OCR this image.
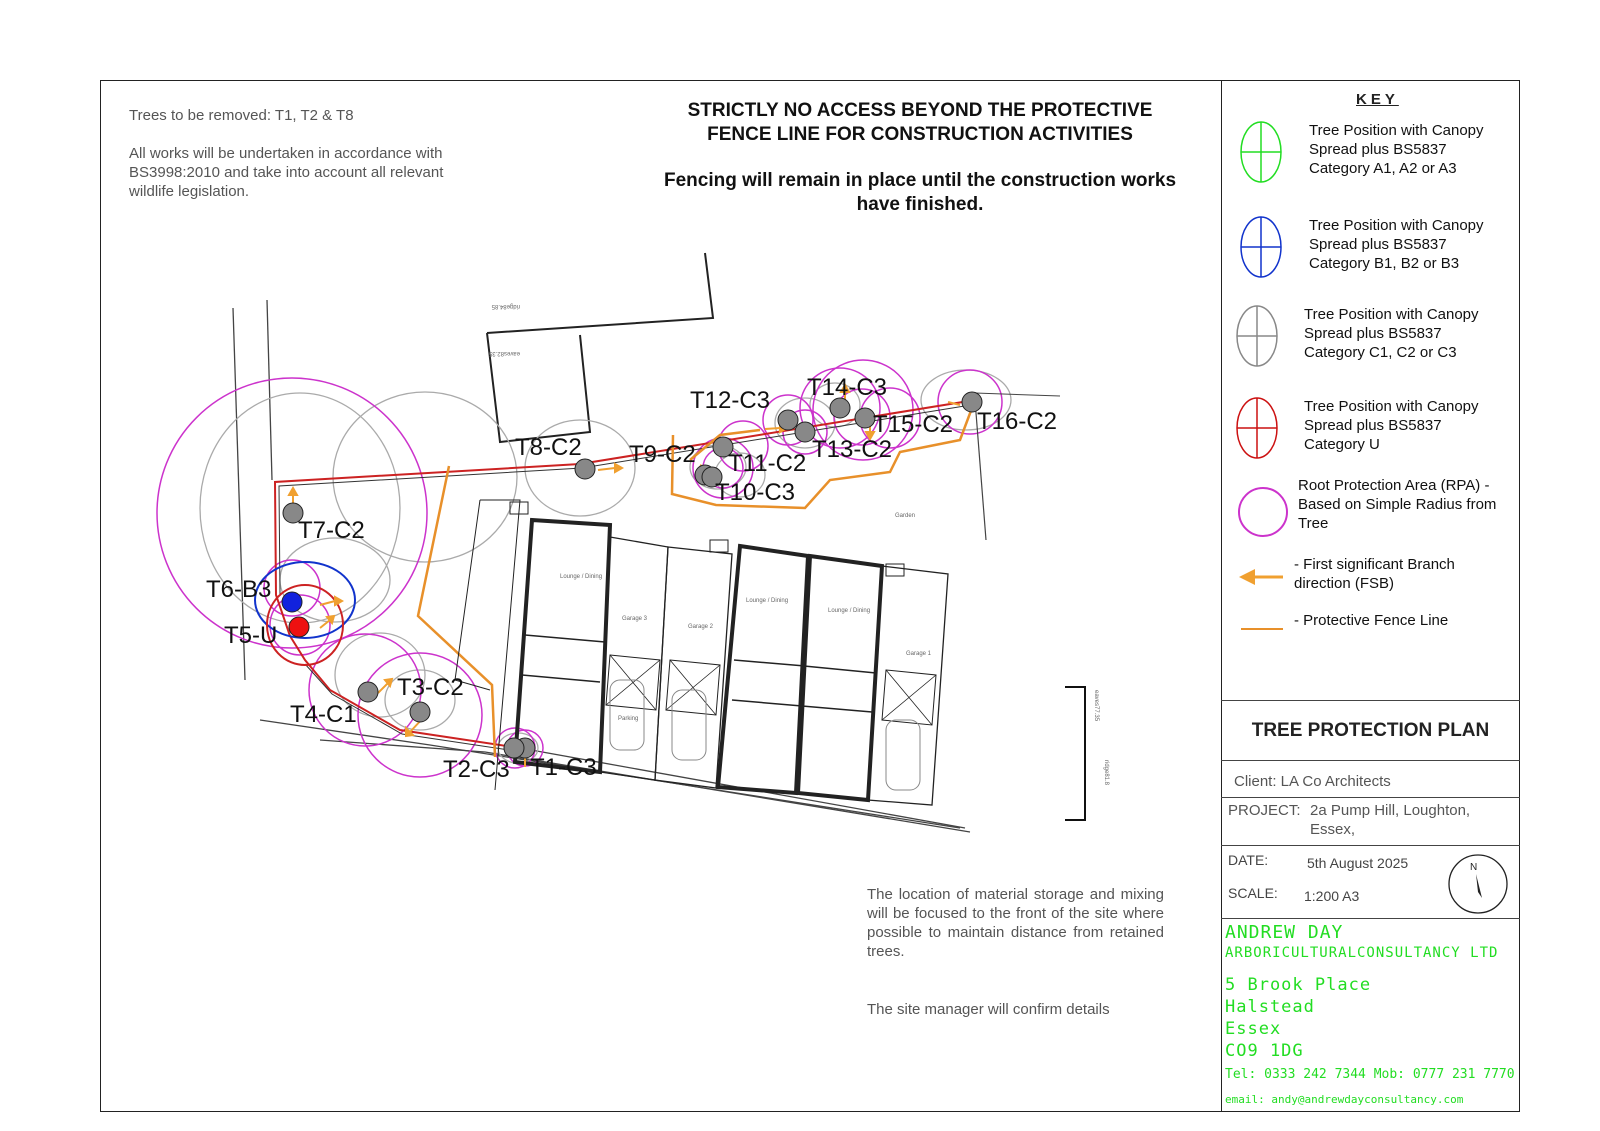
ridge84.85
eaves82.35
Garage 3
Garage 2
Garage 1
Lounge / Dining
Lounge / Dining
Lounge / Dining
Garden
Parking	eaves77.35
ridge81.8
T1-C3
T2-C3
T3-C2
T4-C1
T5-U
T6-B3
T7-C2
T8-C2 T9-C2
T10-C3
T11-C2
T12-C3
T13-C2
T14-C3
T15-C2 T16-C2
Trees to be removed: T1, T2 & T8
All works will be undertaken in accordance with BS3998:2010 and take into account all relevant wildlife legislation.
STRICTLY NO ACCESS BEYOND THE PROTECTIVE FENCE LINE FOR CONSTRUCTION ACTIVITIES
Fencing will remain in place until the construction works have finished.
The location of material storage and mixing will be focused to the front of the site where possible to maintain distance from retained trees.
The site manager will confirm details
KEY
Tree Position with Canopy Spread plus BS5837 Category A1, A2 or A3
Tree Position with Canopy Spread plus BS5837 Category B1, B2 or B3
Tree Position with Canopy Spread plus BS5837 Category C1, C2 or C3
Tree Position with Canopy Spread plus BS5837 Category U
Root Protection Area (RPA) - Based on Simple Radius from Tree
- First significant Branch direction (FSB)
- Protective Fence Line
TREE PROTECTION PLAN
Client: LA Co Architects
PROJECT: 2a Pump Hill, Loughton,
Essex,
DATE:	5th August 2025
SCALE: 1:200 A3
N
ANDREW DAY
ARBORICULTURALCONSULTANCY LTD
5 Brook Place
Halstead
Essex
CO9 1DG
Tel: 0333 242 7344 Mob: 0777 231 7770
email: andy@andrewdayconsultancy.com
